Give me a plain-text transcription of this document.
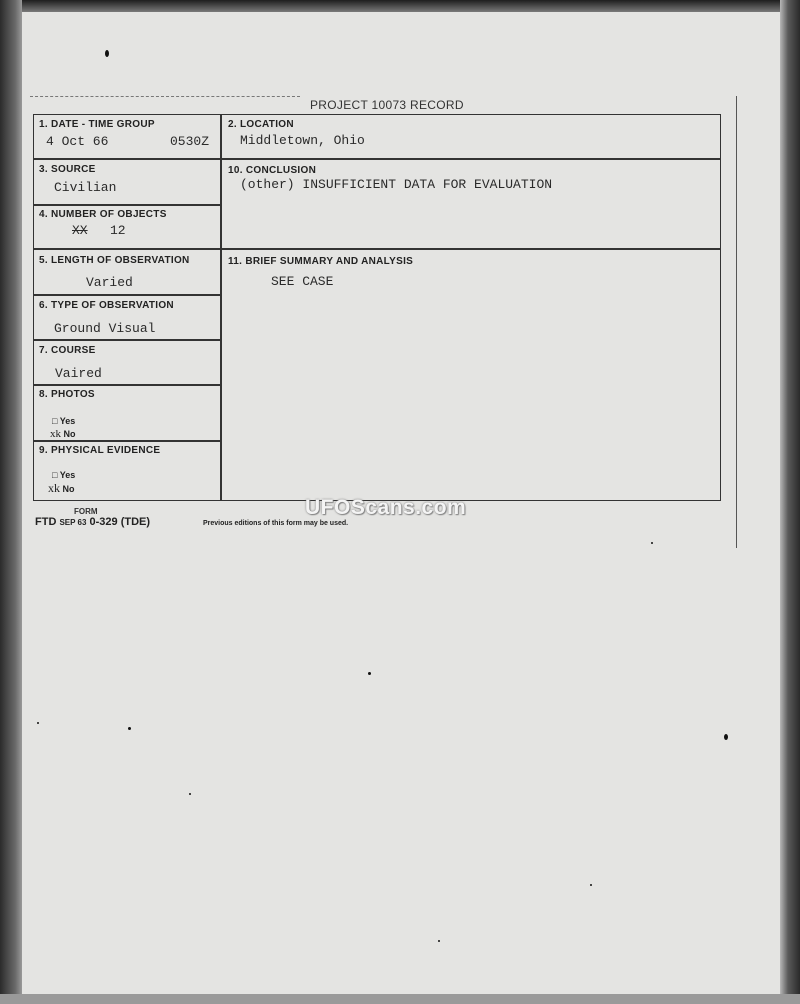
PROJECT 10073 RECORD
1. DATE - TIME GROUP
4 Oct 66	0530Z
2. LOCATION
Middletown, Ohio
3. SOURCE
Civilian
10. CONCLUSION
(other) INSUFFICIENT DATA FOR EVALUATION
4. NUMBER OF OBJECTS
XX 12
5. LENGTH OF OBSERVATION
Varied
11. BRIEF SUMMARY AND ANALYSIS
SEE CASE
6. TYPE OF OBSERVATION
Ground Visual
7. COURSE
Vaired
8. PHOTOS
□ Yes
xk No
9. PHYSICAL EVIDENCE
□ Yes
xk No
UFOScans.com
FORM
FTD SEP 63 0-329 (TDE)	Previous editions of this form may be used.
